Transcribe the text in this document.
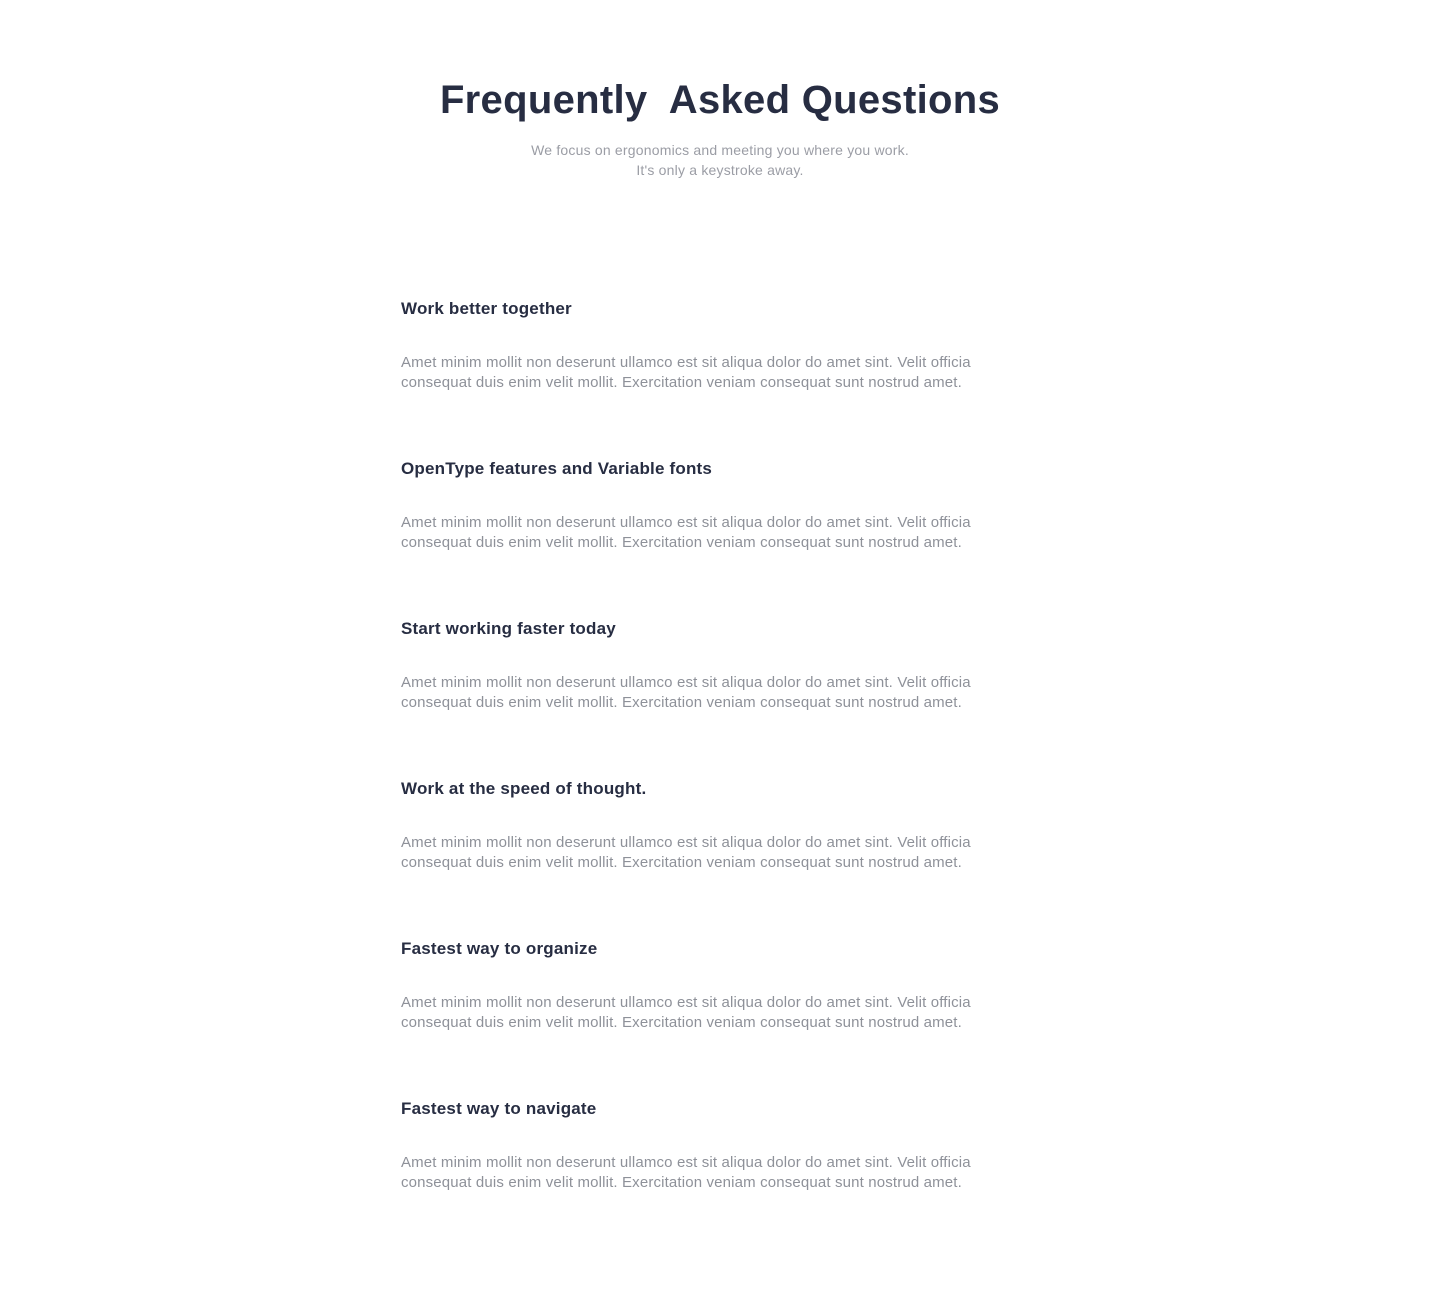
Frequently  Asked Questions
We focus on ergonomics and meeting you where you work.
It's only a keystroke away.
Work better together

Amet minim mollit non deserunt ullamco est sit aliqua dolor do amet sint. Velit officia consequat duis enim velit mollit. Exercitation veniam consequat sunt nostrud amet.

OpenType features and Variable fonts

Amet minim mollit non deserunt ullamco est sit aliqua dolor do amet sint. Velit officia consequat duis enim velit mollit. Exercitation veniam consequat sunt nostrud amet.

Start working faster today

Amet minim mollit non deserunt ullamco est sit aliqua dolor do amet sint. Velit officia consequat duis enim velit mollit. Exercitation veniam consequat sunt nostrud amet.

Work at the speed of thought.

Amet minim mollit non deserunt ullamco est sit aliqua dolor do amet sint. Velit officia consequat duis enim velit mollit. Exercitation veniam consequat sunt nostrud amet.

Fastest way to organize

Amet minim mollit non deserunt ullamco est sit aliqua dolor do amet sint. Velit officia consequat duis enim velit mollit. Exercitation veniam consequat sunt nostrud amet.

Fastest way to navigate

Amet minim mollit non deserunt ullamco est sit aliqua dolor do amet sint. Velit officia consequat duis enim velit mollit. Exercitation veniam consequat sunt nostrud amet.
